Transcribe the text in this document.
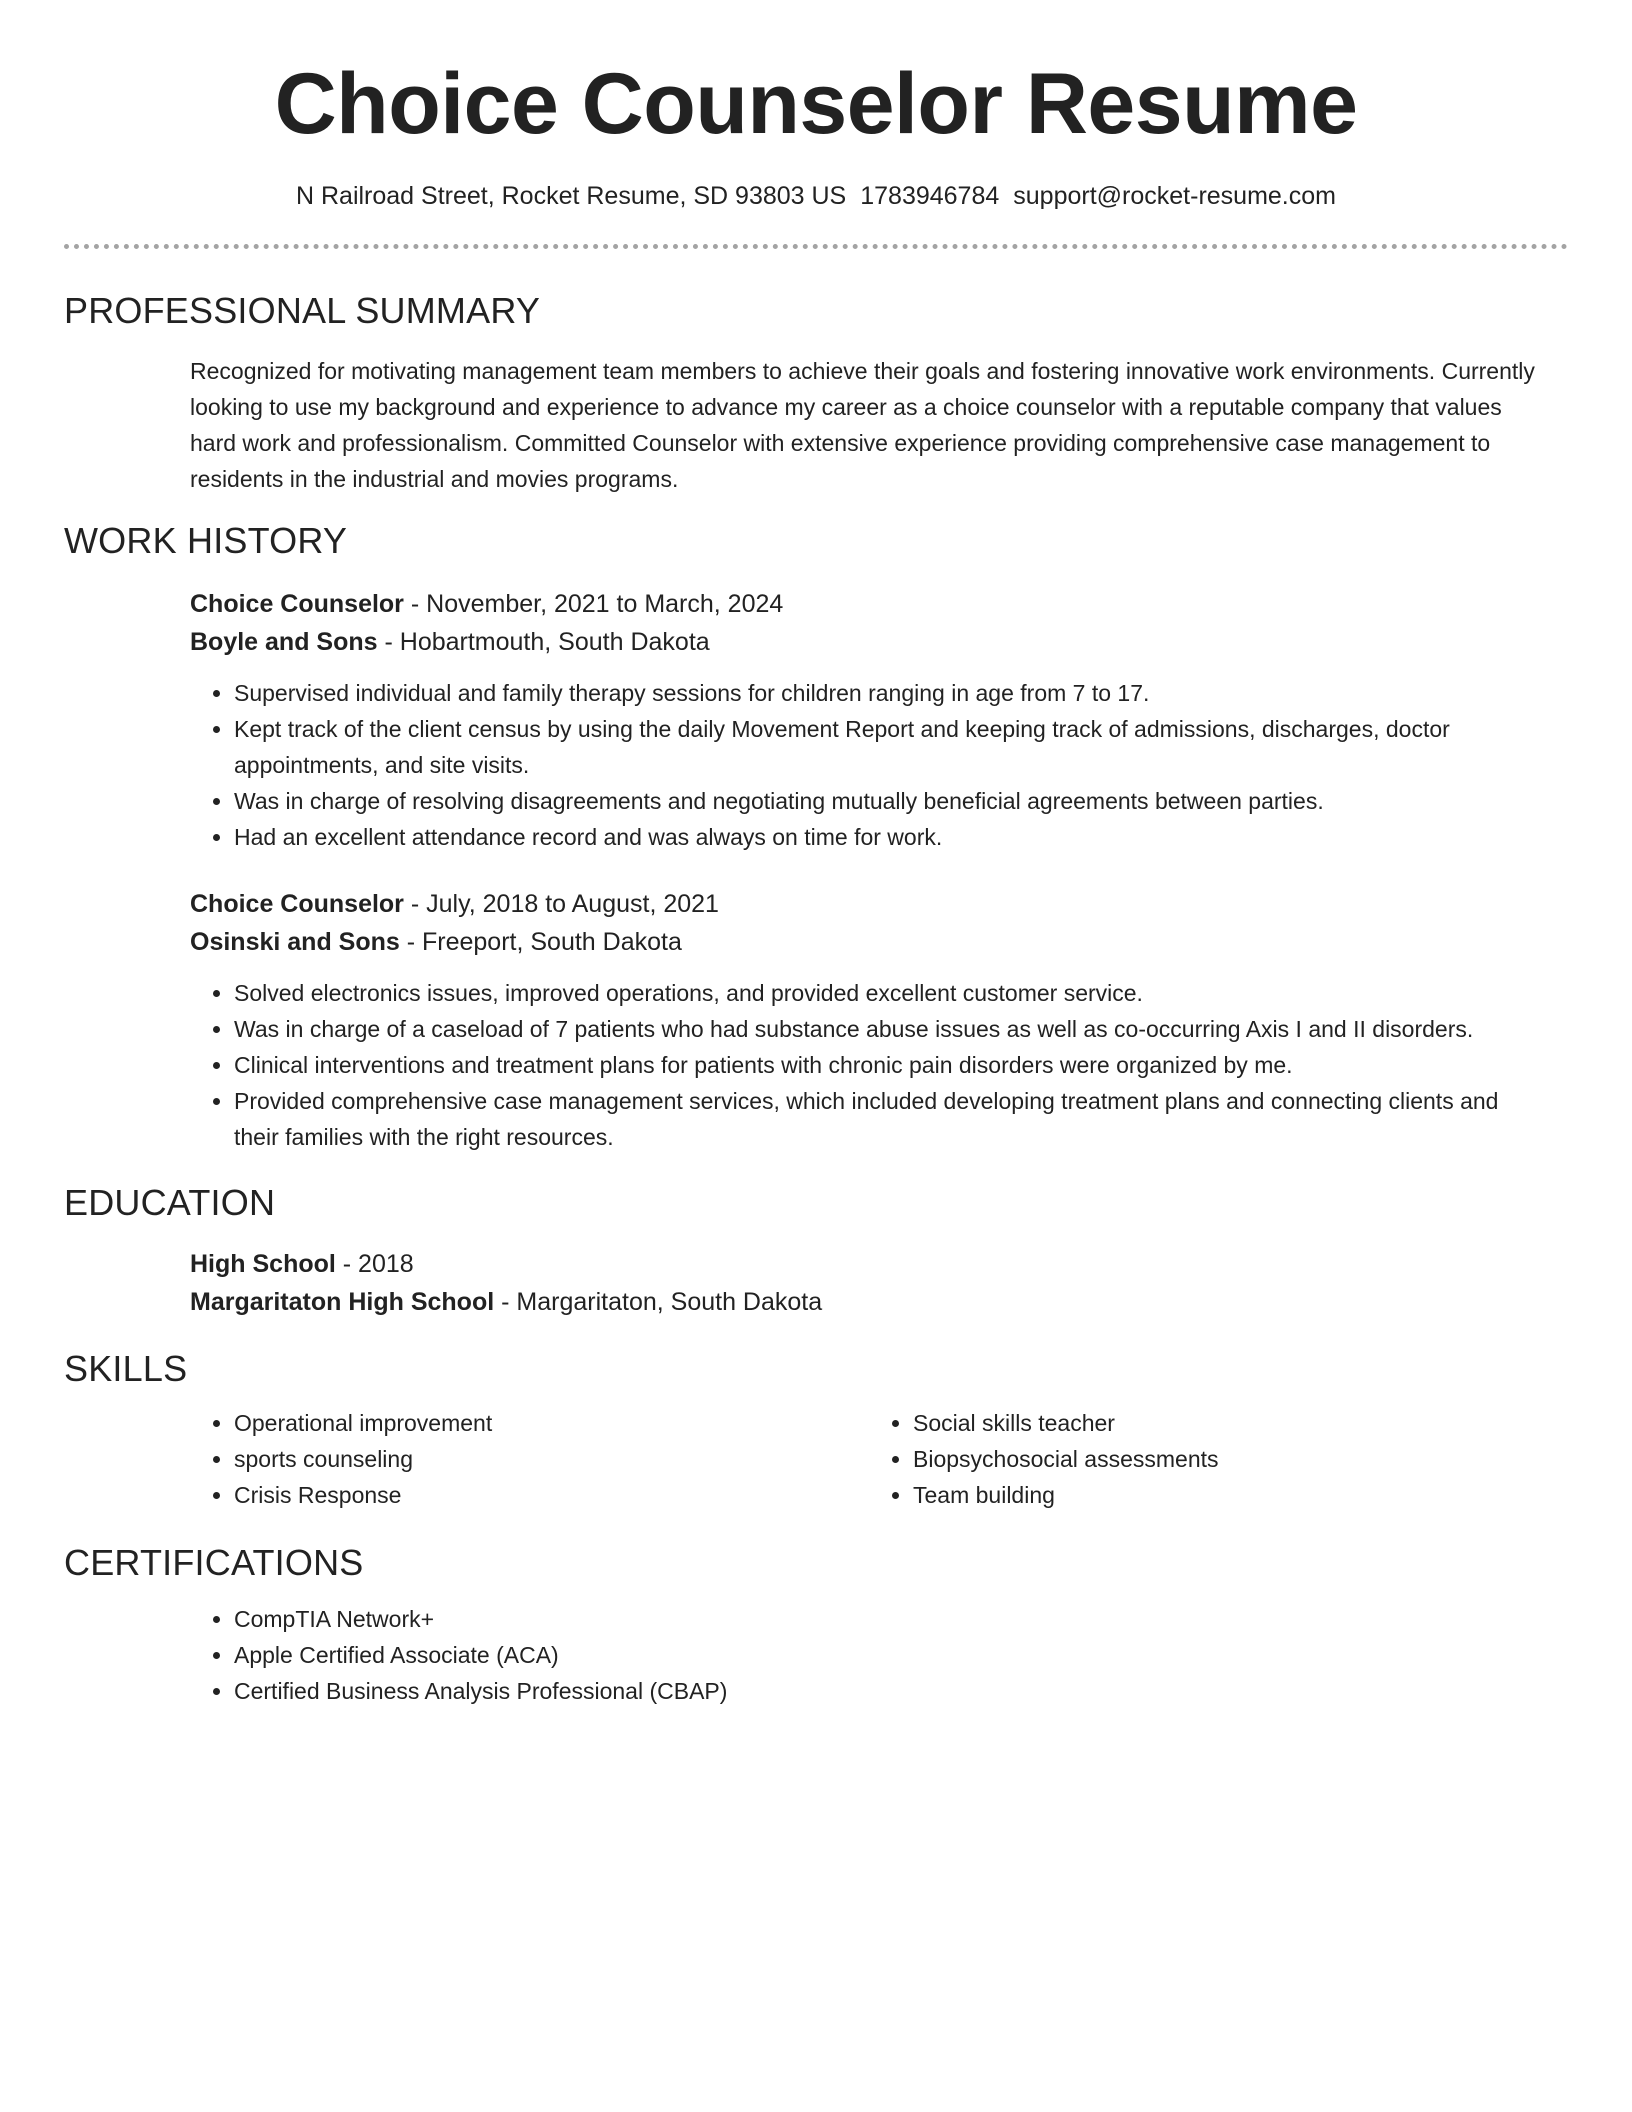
Choice Counselor Resume
N Railroad Street, Rocket Resume, SD 93803 US 1783946784 support@rocket-resume.com
PROFESSIONAL SUMMARY

Recognized for motivating management team members to achieve their goals and fostering innovative work environments. Currently looking to use my background and experience to advance my career as a choice counselor with a reputable company that values hard work and professionalism. Committed Counselor with extensive experience providing comprehensive case management to residents in the industrial and movies programs.

WORK HISTORY

Choice Counselor - November, 2021 to March, 2024

Boyle and Sons - Hobartmouth, South Dakota

• Supervised individual and family therapy sessions for children ranging in age from 7 to 17.
• Kept track of the client census by using the daily Movement Report and keeping track of admissions, discharges, doctor appointments, and site visits.
• Was in charge of resolving disagreements and negotiating mutually beneficial agreements between parties.
• Had an excellent attendance record and was always on time for work.

Choice Counselor - July, 2018 to August, 2021

Osinski and Sons - Freeport, South Dakota

• Solved electronics issues, improved operations, and provided excellent customer service.
• Was in charge of a caseload of 7 patients who had substance abuse issues as well as co-occurring Axis I and II disorders.
• Clinical interventions and treatment plans for patients with chronic pain disorders were organized by me.
• Provided comprehensive case management services, which included developing treatment plans and connecting clients and their families with the right resources.
EDUCATION

High School - 2018

Margaritaton High School - Margaritaton, South Dakota

SKILLS
• Operational improvement
• sports counseling
• Crisis Response
• Social skills teacher
• Biopsychosocial assessments
• Team building
CERTIFICATIONS
• CompTIA Network+
• Apple Certified Associate (ACA)
• Certified Business Analysis Professional (CBAP)
